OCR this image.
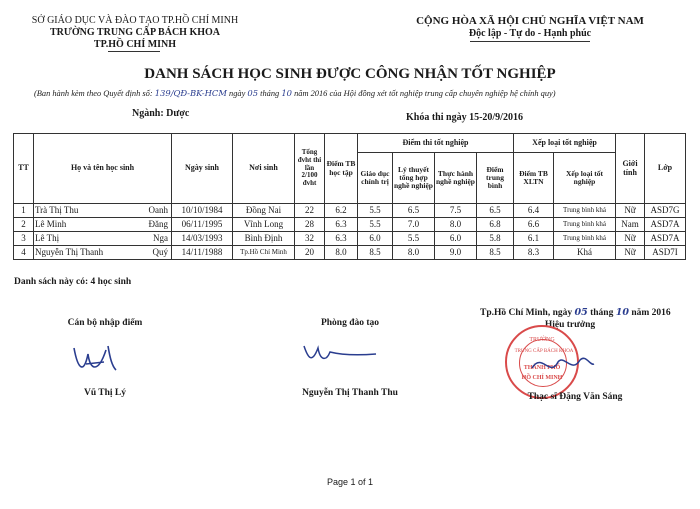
SỞ GIÁO DỤC VÀ ĐÀO TẠO TP.HỒ CHÍ MINH
TRƯỜNG TRUNG CẤP BÁCH KHOA
TP.HỒ CHÍ MINH
CỘNG HÒA XÃ HỘI CHỦ NGHĨA VIỆT NAM
Độc lập - Tự do - Hạnh phúc
DANH SÁCH HỌC SINH ĐƯỢC CÔNG NHẬN TỐT NGHIỆP
(Ban hành kèm theo Quyết định số: 139/QĐ-BK-HCM ngày 05 tháng 10 năm 2016 của Hội đồng xét tốt nghiệp trung cấp chuyên nghiệp hệ chính quy)
Ngành: Dược	Khóa thi ngày 15-20/9/2016
TT	Họ và tên học sinh	Ngày sinh	Nơi sinh	Tổng đvht thi lần 2/100 đvht	Điểm TB học tập	Điểm thi tốt nghiệp				Xếp loại tốt nghiệp		Giới tính	Lớp
						Giáo dục chính trị	Lý thuyết tổng hợp nghề nghiệp	Thực hành nghề nghiệp	Điểm trung bình	Điểm TB XLTN	Xếp loại tốt nghiệp		
1	Trà Thị Thu Oanh	10/10/1984	Đồng Nai	22	6.2	5.5	6.5	7.5	6.5	6.4	Trung bình khá	Nữ	ASD7G
2	Lê Minh Đăng	06/11/1995	Vĩnh Long	28	6.3	5.5	7.0	8.0	6.8	6.6	Trung bình khá	Nam	ASD7A
3	Lê Thị Nga	14/03/1993	Bình Định	32	6.3	6.0	5.5	6.0	5.8	6.1	Trung bình khá	Nữ	ASD7A
4	Nguyễn Thị Thanh Quý	14/11/1988	Tp.Hồ Chí Minh	20	8.0	8.5	8.0	9.0	8.5	8.3	Khá	Nữ	ASD7I
Danh sách này có: 4 học sinh
Cán bộ nhập điểm
Vũ Thị Lý
Phòng đào tạo
Nguyễn Thị Thanh Thu
Tp.Hồ Chí Minh, ngày 05 tháng 10 năm 2016
Hiệu trưởng
TRƯỜNG
TRUNG CẤP BÁCH KHOA
THÀNH PHỐ
HỒ CHÍ MINH
Thạc sĩ Đặng Văn Sáng
Page 1 of 1
